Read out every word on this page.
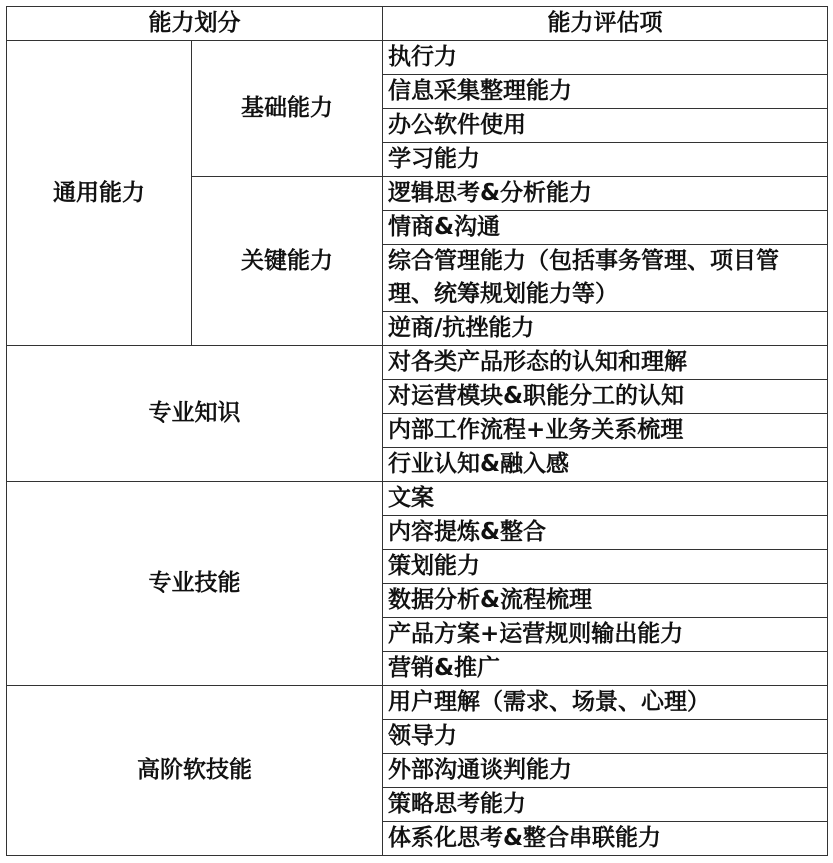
能力划分		能力评估项
通用能力	基础能力	执行力
		信息采集整理能力
		办公软件使用
		学习能力
	关键能力	逻辑思考&分析能力
		情商&沟通
		综合管理能力（包括事务管理、项目管理、统筹规划能力等）

		逆商/抗挫能力
专业知识		对各类产品形态的认知和理解
		对运营模块&职能分工的认知
		内部工作流程+业务关系梳理
		行业认知&融入感
专业技能		文案
		内容提炼&整合
		策划能力
		数据分析&流程梳理
		产品方案+运营规则输出能力
		营销&推广
高阶软技能		用户理解（需求、场景、心理）
		领导力
		外部沟通谈判能力
		策略思考能力
		体系化思考&整合串联能力
